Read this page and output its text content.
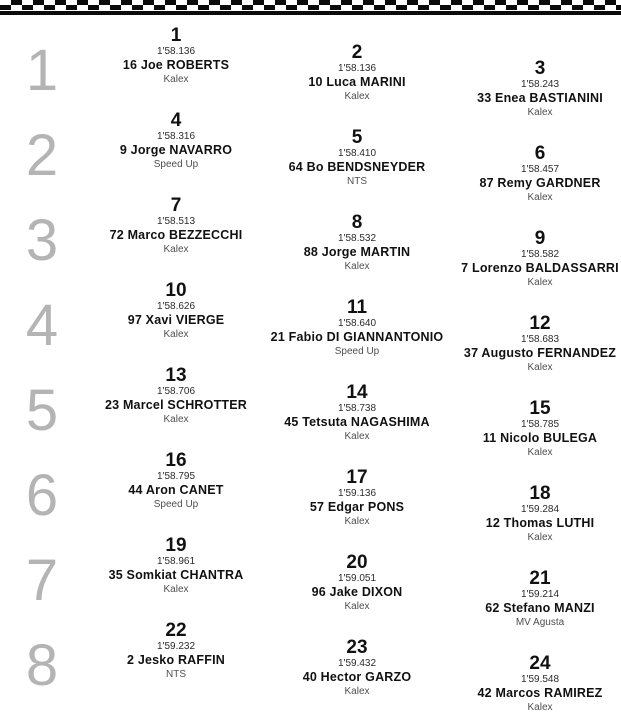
1
1
1'58.136
16 Joe ROBERTS
Kalex
2
1'58.136
10 Luca MARINI
Kalex
3
1'58.243
33 Enea BASTIANINI
Kalex
2
4
1'58.316
9 Jorge NAVARRO
Speed Up
5
1'58.410
64 Bo BENDSNEYDER
NTS
6
1'58.457
87 Remy GARDNER
Kalex
3
7
1'58.513
72 Marco BEZZECCHI
Kalex
8
1'58.532
88 Jorge MARTIN
Kalex
9
1'58.582
7 Lorenzo BALDASSARRI
Kalex
4
10
1'58.626
97 Xavi VIERGE
Kalex
11
1'58.640
21 Fabio DI GIANNANTONIO
Speed Up
12
1'58.683
37 Augusto FERNANDEZ
Kalex
5
13
1'58.706
23 Marcel SCHROTTER
Kalex
14
1'58.738
45 Tetsuta NAGASHIMA
Kalex
15
1'58.785
11 Nicolo BULEGA
Kalex
6
16
1'58.795
44 Aron CANET
Speed Up
17
1'59.136
57 Edgar PONS
Kalex
18
1'59.284
12 Thomas LUTHI
Kalex
7
19
1'58.961
35 Somkiat CHANTRA
Kalex
20
1'59.051
96 Jake DIXON
Kalex
21
1'59.214
62 Stefano MANZI
MV Agusta
8
22
1'59.232
2 Jesko RAFFIN
NTS
23
1'59.432
40 Hector GARZO
Kalex
24
1'59.548
42 Marcos RAMIREZ
Kalex
